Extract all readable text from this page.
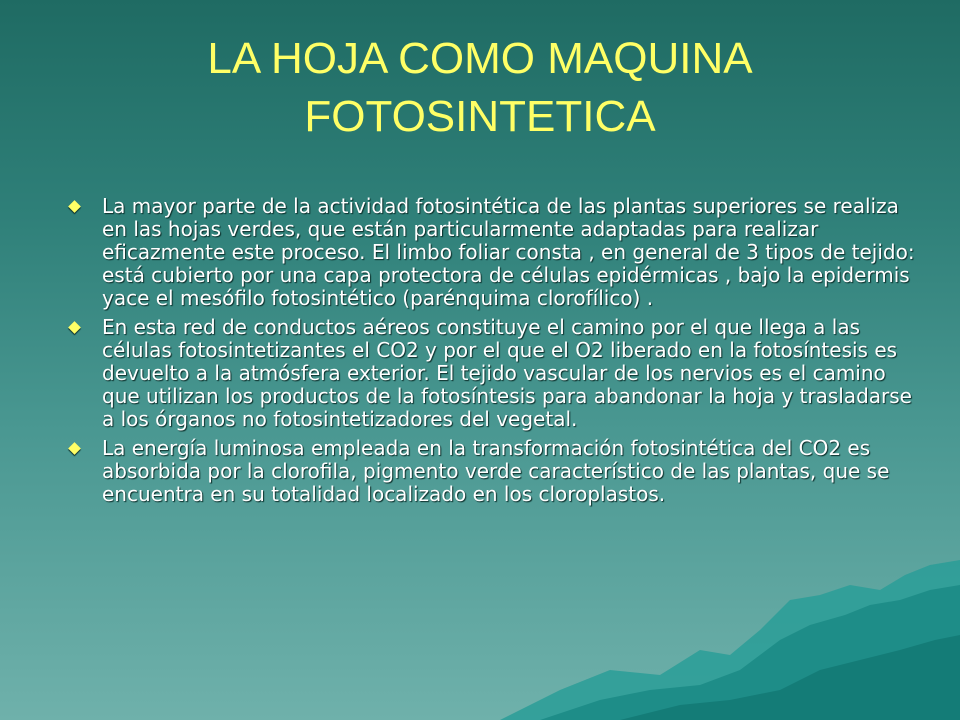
LA HOJA COMO MAQUINA
FOTOSINTETICA
La mayor parte de la actividad fotosintética de las plantas superiores se realiza en las hojas verdes, que están particularmente adaptadas para realizar eficazmente este proceso. El limbo foliar consta , en general de 3 tipos de tejido: está cubierto por una capa protectora de células epidérmicas , bajo la epidermis yace el mesófilo fotosintético (parénquima clorofílico) .
En esta red de conductos aéreos constituye el camino por el que llega a las células fotosintetizantes el CO2 y por el que el O2 liberado en la fotosíntesis es devuelto a la atmósfera exterior. El tejido vascular de los nervios es el camino que utilizan los productos de la fotosíntesis para abandonar la hoja y trasladarse a los órganos no fotosintetizadores del vegetal.
La energía luminosa empleada en la transformación fotosintética del CO2 es absorbida por la clorofila, pigmento verde característico de las plantas, que se encuentra en su totalidad localizado en los cloroplastos.
